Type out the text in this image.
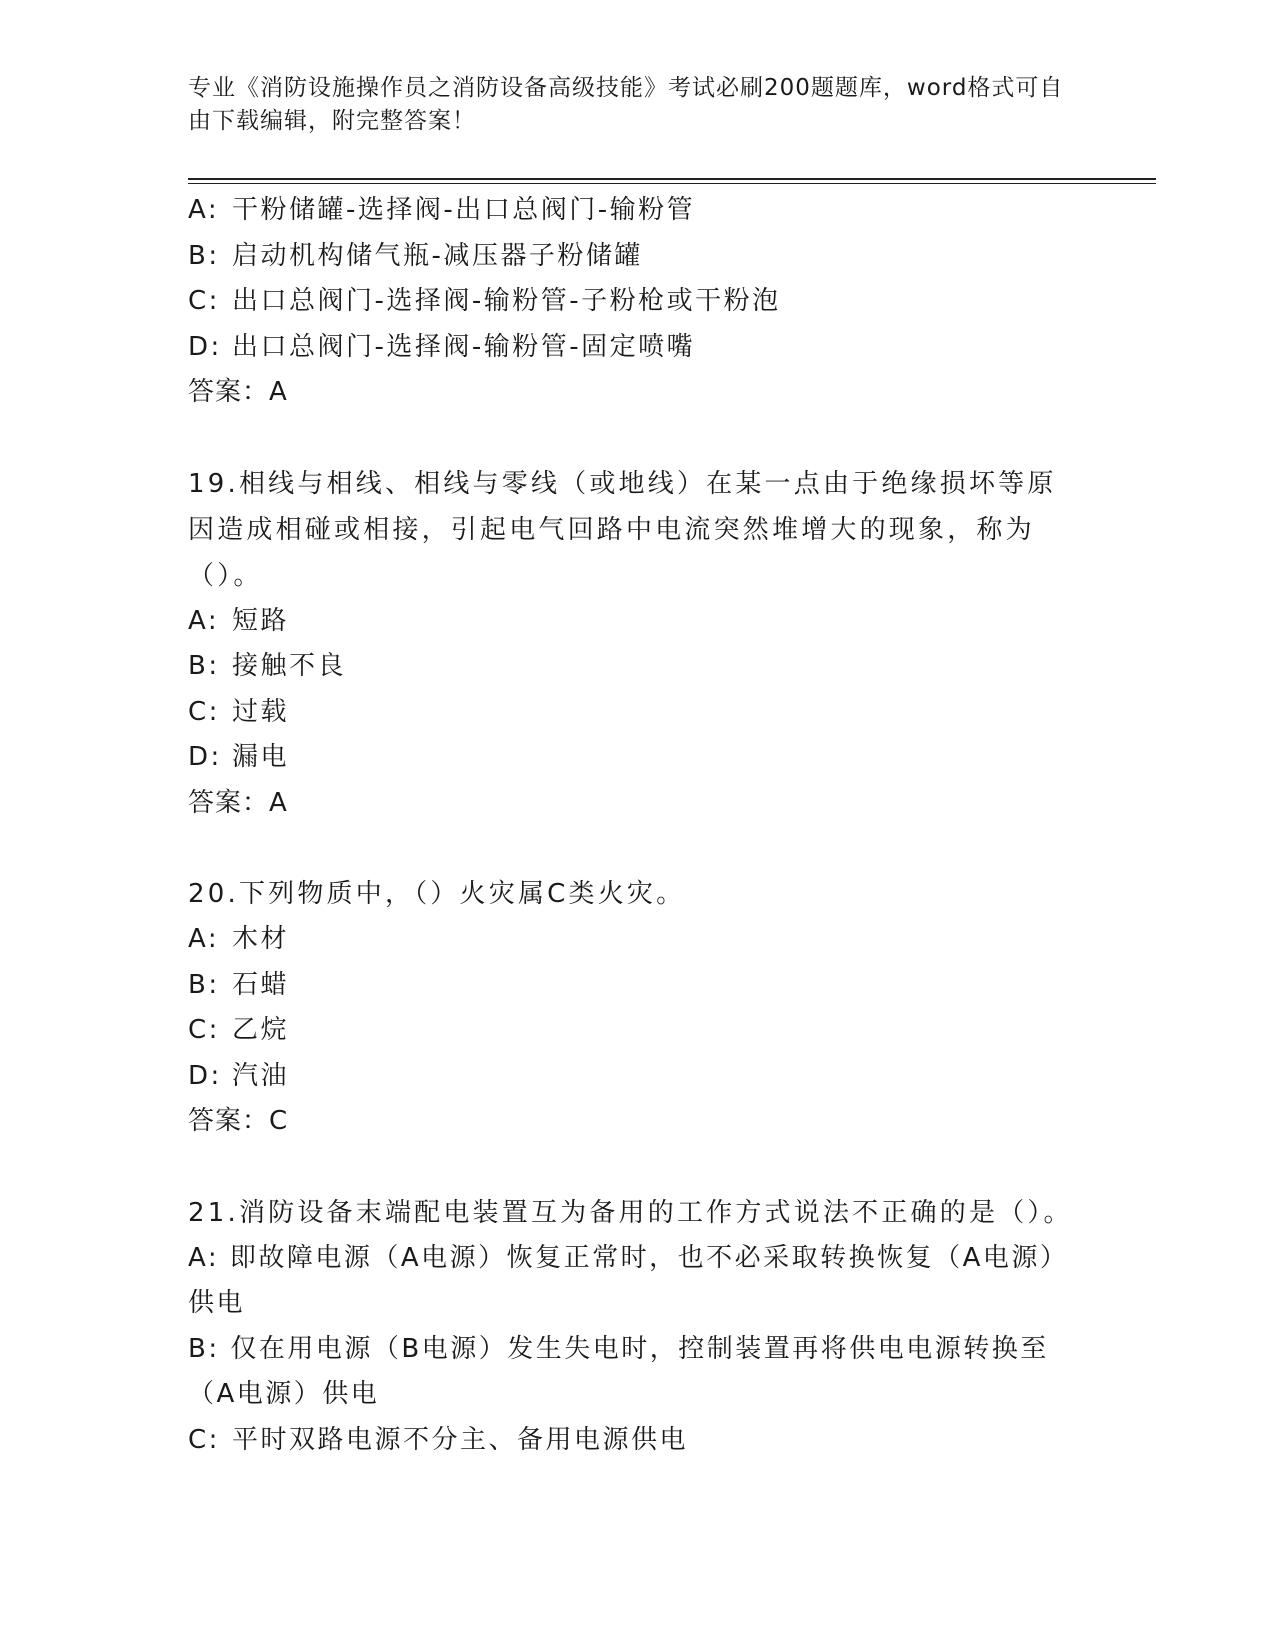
专业《消防设施操作员之消防设备高级技能》考试必刷200题题库，word格式可自由下载编辑，附完整答案！
A: 干粉储罐-选择阀-出口总阀门-输粉管
B: 启动机构储气瓶-减压器子粉储罐
C: 出口总阀门-选择阀-输粉管-子粉枪或干粉泡
D: 出口总阀门-选择阀-输粉管-固定喷嘴
答案：A
19.相线与相线、相线与零线（或地线）在某一点由于绝缘损坏等原因造成相碰或相接，引起电气回路中电流突然堆增大的现象，称为（）。
A: 短路
B: 接触不良
C: 过载
D: 漏电
答案：A
20.下列物质中，（）火灾属C类火灾。
A: 木材
B: 石蜡
C: 乙烷
D: 汽油
答案：C
21.消防设备末端配电装置互为备用的工作方式说法不正确的是（）。
A: 即故障电源（A电源）恢复正常时，也不必采取转换恢复（A电源）供电
B: 仅在用电源（B电源）发生失电时，控制装置再将供电电源转换至（A电源）供电
C: 平时双路电源不分主、备用电源供电
